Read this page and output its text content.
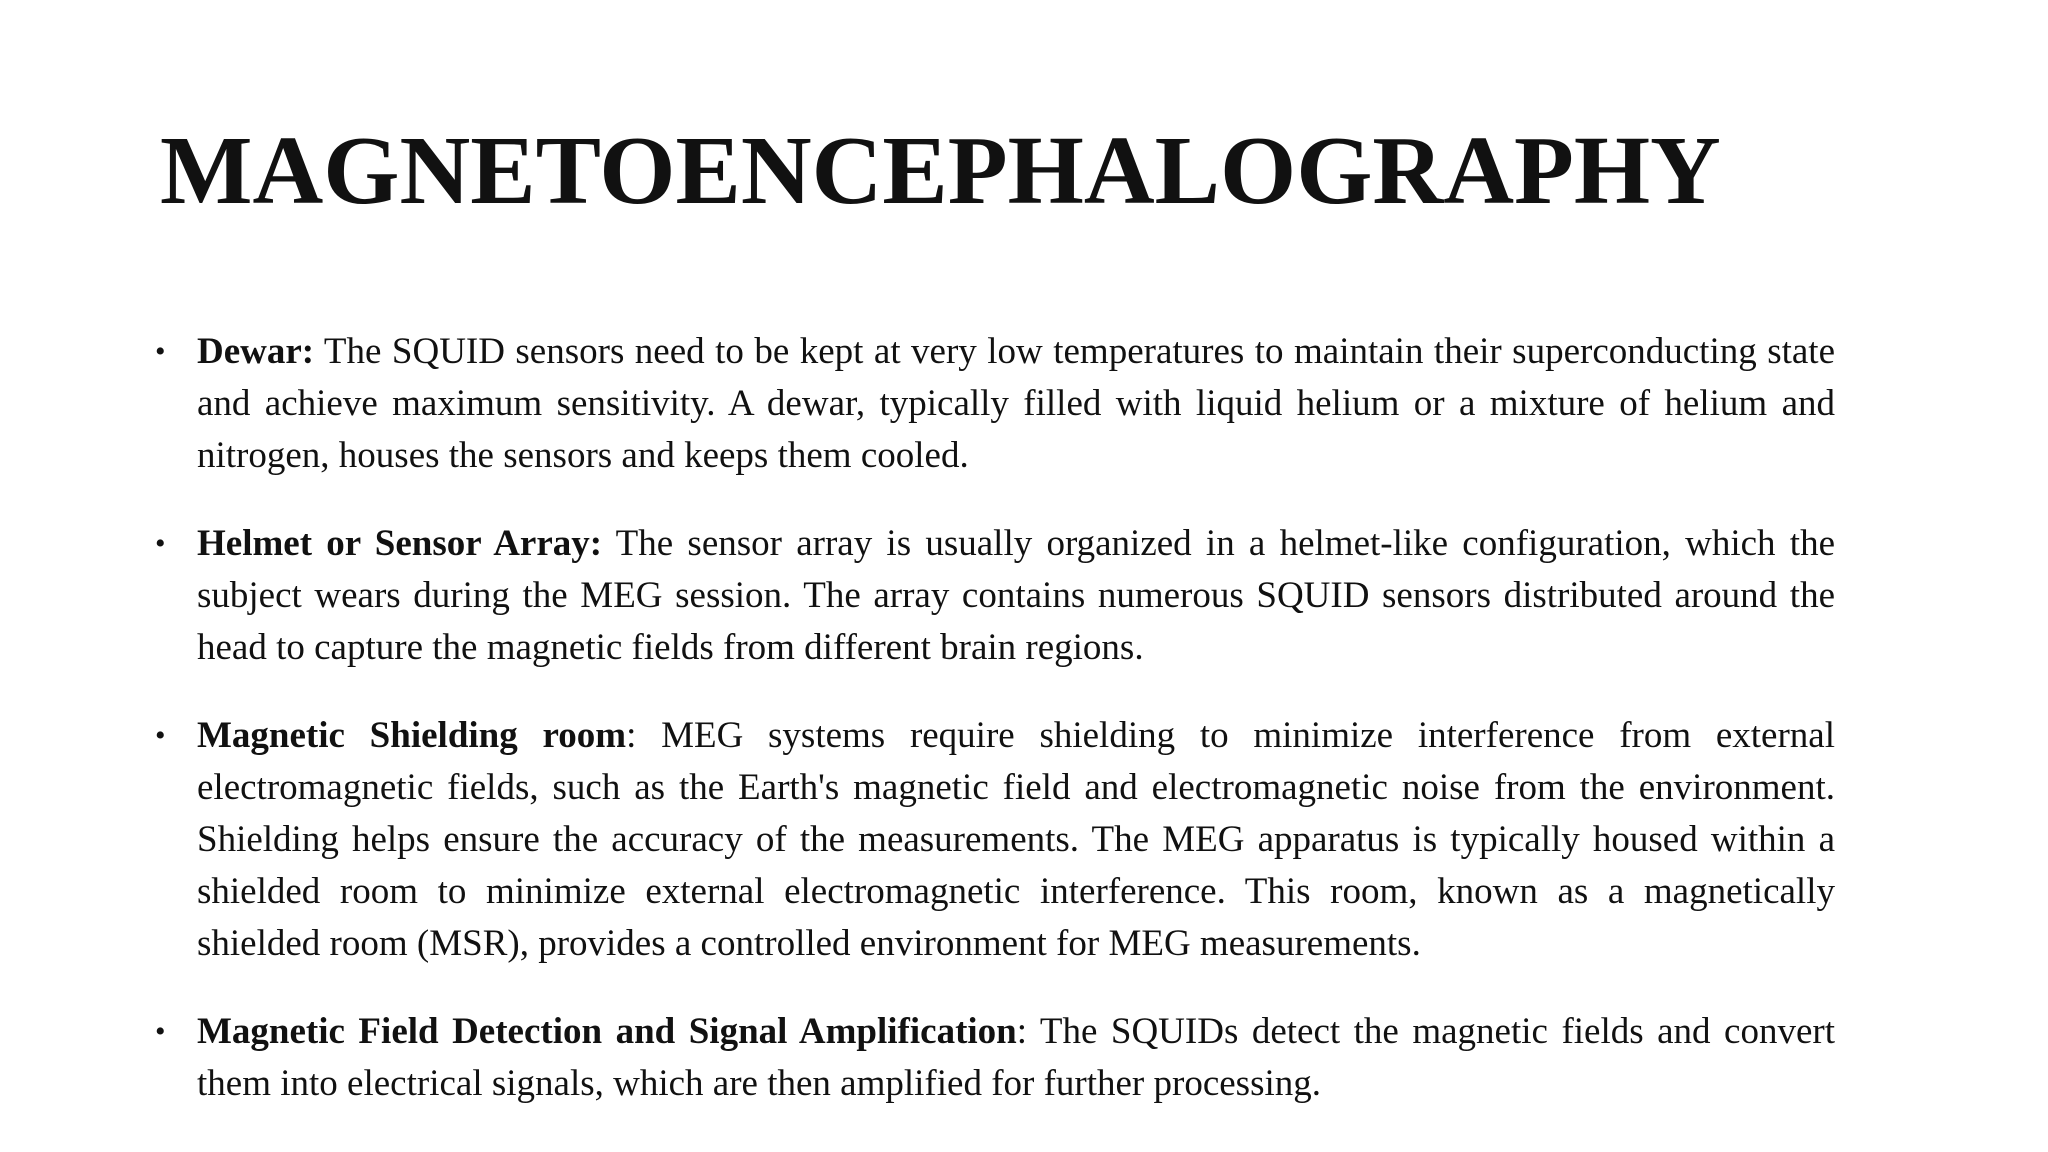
MAGNETOENCEPHALOGRAPHY
• Dewar: The SQUID sensors need to be kept at very low temperatures to maintain their superconducting state and achieve maximum sensitivity. A dewar, typically filled with liquid helium or a mixture of helium and nitrogen, houses the sensors and keeps them cooled.
• Helmet or Sensor Array: The sensor array is usually organized in a helmet-like configuration, which the subject wears during the MEG session. The array contains numerous SQUID sensors distributed around the head to capture the magnetic fields from different brain regions.
• Magnetic Shielding room: MEG systems require shielding to minimize interference from external electromagnetic fields, such as the Earth's magnetic field and electromagnetic noise from the environment. Shielding helps ensure the accuracy of the measurements. The MEG apparatus is typically housed within a shielded room to minimize external electromagnetic interference. This room, known as a magnetically shielded room (MSR), provides a controlled environment for MEG measurements.
• Magnetic Field Detection and Signal Amplification: The SQUIDs detect the magnetic fields and convert them into electrical signals, which are then amplified for further processing.
